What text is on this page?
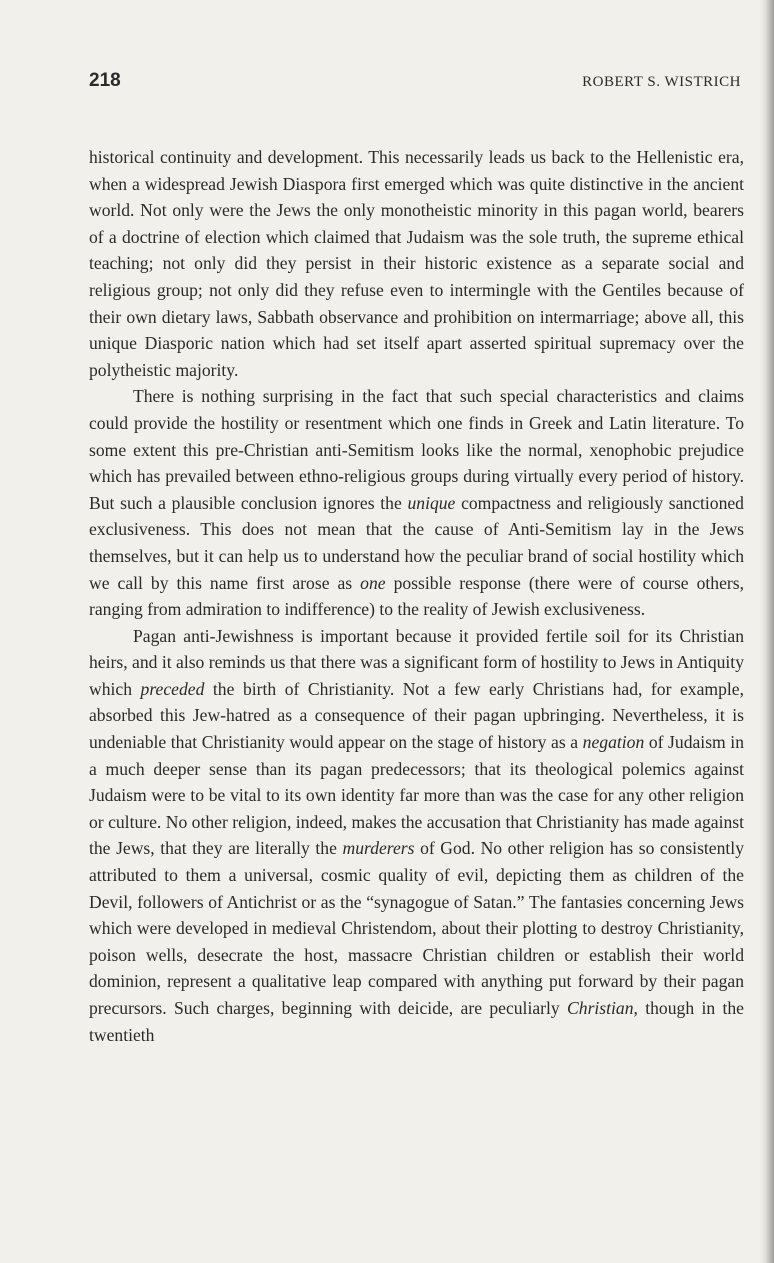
218	ROBERT S. WISTRICH

historical continuity and development. This necessarily leads us back to the Hellenistic era, when a widespread Jewish Diaspora first emerged which was quite distinctive in the ancient world. Not only were the Jews the only monotheistic minority in this pagan world, bearers of a doctrine of election which claimed that Judaism was the sole truth, the supreme ethical teaching; not only did they persist in their historic existence as a separate social and religious group; not only did they refuse even to intermingle with the Gentiles because of their own dietary laws, Sabbath observance and prohibition on intermarriage; above all, this unique Diasporic nation which had set itself apart asserted spiritual supremacy over the polytheistic majority.

There is nothing surprising in the fact that such special characteristics and claims could provide the hostility or resentment which one finds in Greek and Latin literature. To some extent this pre-Christian anti-Semitism looks like the normal, xenophobic prejudice which has prevailed between ethno-religious groups during virtually every period of history. But such a plausible conclusion ignores the unique compactness and religiously sanctioned exclusiveness. This does not mean that the cause of Anti-Semitism lay in the Jews themselves, but it can help us to understand how the peculiar brand of social hostility which we call by this name first arose as one possible response (there were of course others, ranging from admiration to indifference) to the reality of Jewish exclusiveness.

Pagan anti-Jewishness is important because it provided fertile soil for its Christian heirs, and it also reminds us that there was a significant form of hostility to Jews in Antiquity which preceded the birth of Christianity. Not a few early Christians had, for example, absorbed this Jew-hatred as a consequence of their pagan upbringing. Nevertheless, it is undeniable that Christianity would appear on the stage of history as a negation of Judaism in a much deeper sense than its pagan predecessors; that its theological polemics against Judaism were to be vital to its own identity far more than was the case for any other religion or culture. No other religion, indeed, makes the accusation that Christianity has made against the Jews, that they are literally the murderers of God. No other religion has so consistently attributed to them a universal, cosmic quality of evil, depicting them as children of the Devil, followers of Antichrist or as the “synagogue of Satan.” The fantasies concerning Jews which were developed in medieval Christendom, about their plotting to destroy Christianity, poison wells, desecrate the host, massacre Christian children or establish their world dominion, represent a qualitative leap compared with anything put forward by their pagan precursors. Such charges, beginning with deicide, are peculiarly Christian, though in the twentieth
